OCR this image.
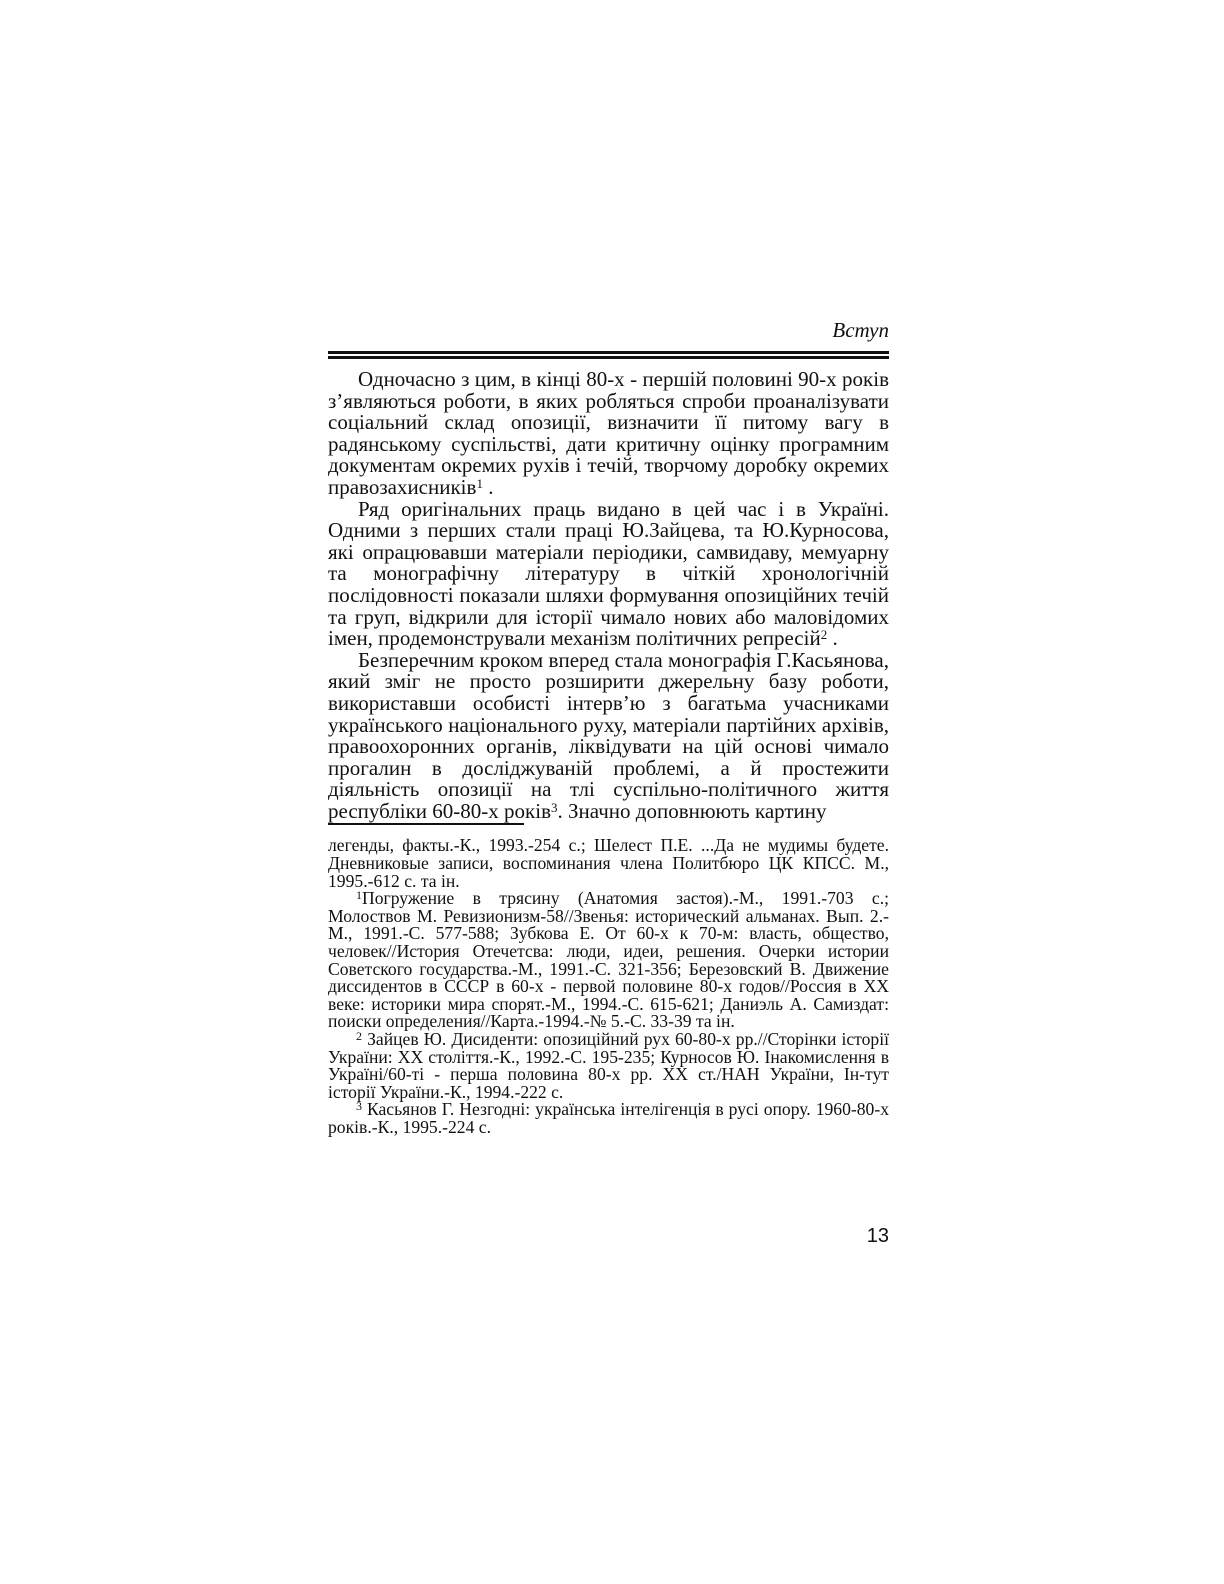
Вступ

Одночасно з цим, в кінці 80-х - першій половині 90-х років з’являються роботи, в яких робляться спроби проаналізувати соціальний склад опозиції, визначити її питому вагу в радянському суспільстві, дати критичну оцінку програмним документам окремих рухів і течій, творчому доробку окремих правозахисників$^1$ .

Ряд оригінальних праць видано в цей час і в Україні. Одними з перших стали праці Ю.Зайцева, та Ю.Курносова, які опрацювавши матеріали періодики, самвидаву, мемуарну та монографічну літературу в чіткій хронологічній послідовності показали шляхи формування опозиційних течій та груп, відкрили для історії чимало нових або маловідомих імен, продемонстрували механізм політичних репресій$^2$ .

Безперечним кроком вперед стала монографія Г.Касьянова, який зміг не просто розширити джерельну базу роботи, використавши особисті інтерв’ю з багатьма учасниками українського національного руху, матеріали партійних архівів, правоохоронних органів, ліквідувати на цій основі чимало прогалин в досліджуваній проблемі, а й простежити діяльність опозиції на тлі суспільно-політичного життя республіки 60-80-х років$^3$. Значно доповнюють картину

легенды, факты.-К., 1993.-254 с.; Шелест П.Е. ...Да не мудимы будете. Дневниковые записи, воспоминания члена Политбюро ЦК КПСС. М., 1995.-612 с. та ін.

$^1$Погружение в трясину (Анатомия застоя).-М., 1991.-703 с.; Молоствов М. Ревизионизм-58//Звенья: исторический альманах. Вып. 2.-М., 1991.-С. 577-588; Зубкова Е. От 60-х к 70-м: власть, общество, человек//История Отечетсва: люди, идеи, решения. Очерки истории Советского государства.-М., 1991.-С. 321-356; Березовский В. Движение диссидентов в СССР в 60-х - первой половине 80-х годов//Россия в ХХ веке: историки мира спорят.-М., 1994.-С. 615-621; Даниэль А. Самиздат: поиски определения//Карта.-1994.-№ 5.-С. 33-39 та ін.

$^2$ Зайцев Ю. Дисиденти: опозиційний рух 60-80-х рр.//Сторінки історії України: ХХ століття.-К., 1992.-С. 195-235; Курносов Ю. Інакомислення в Україні/60-ті - перша половина 80-х рр. ХХ ст./НАН України, Ін-тут історії України.-К., 1994.-222 с.

$^3$ Касьянов Г. Незгодні: українська інтелігенція в русі опору. 1960-80-х років.-К., 1995.-224 с.

13
